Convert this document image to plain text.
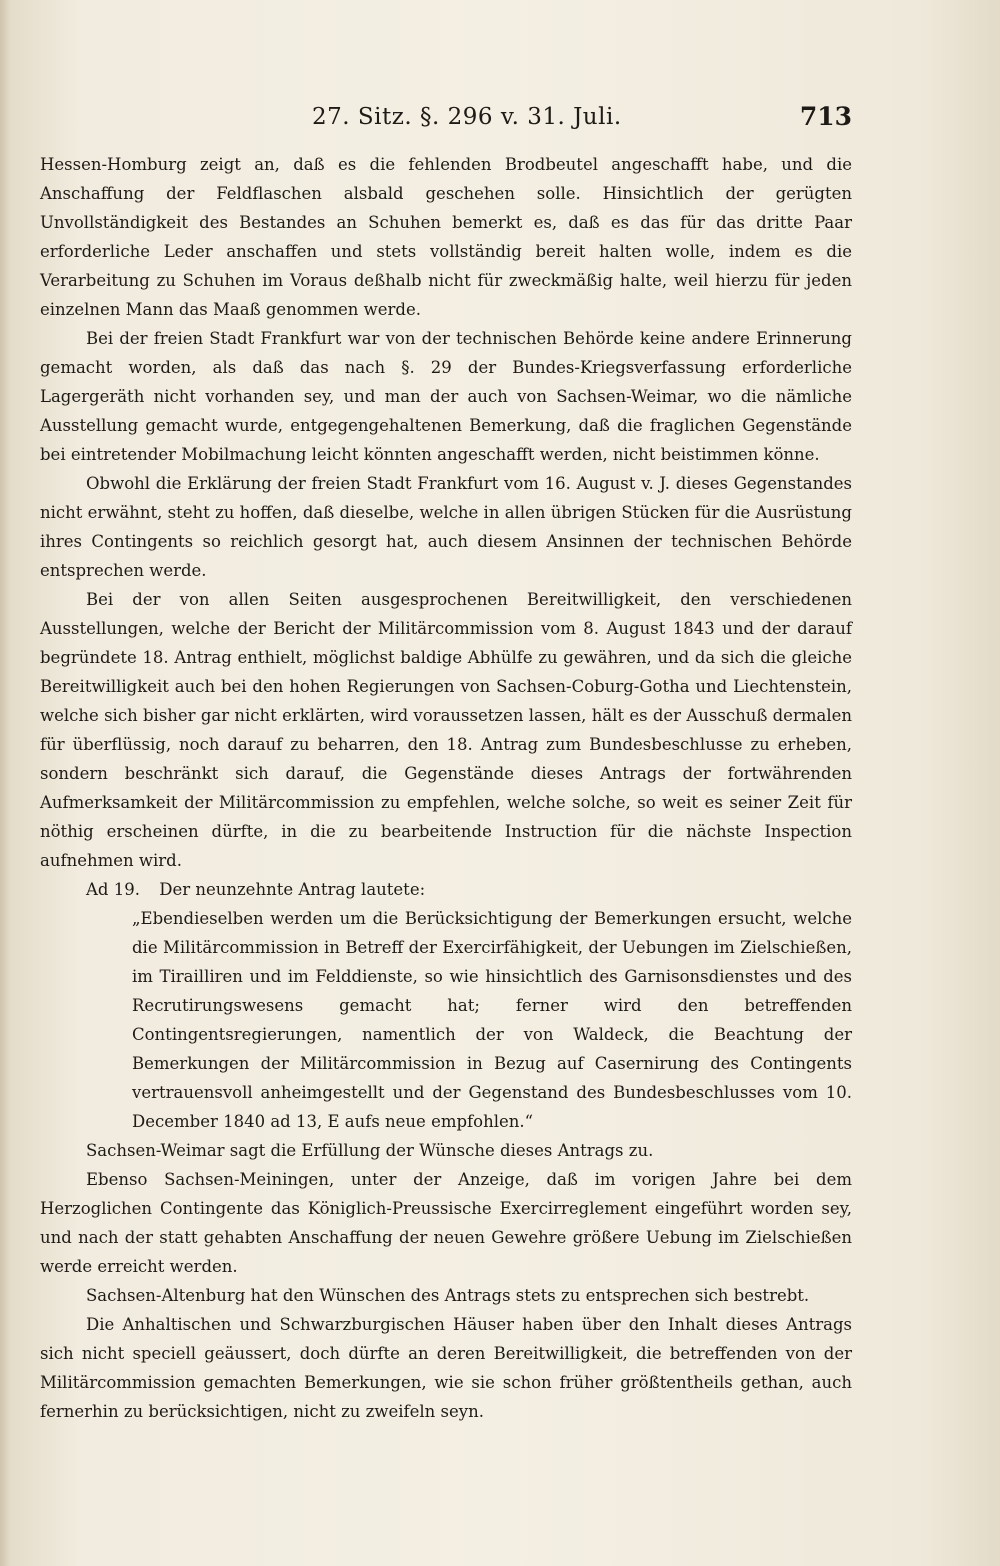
27. Sitz. §. 296 v. 31. Juli.	713

Hessen-Homburg zeigt an, daß es die fehlenden Brodbeutel angeschafft habe, und die Anschaffung der Feldflaschen alsbald geschehen solle. Hinsichtlich der gerügten Unvollständigkeit des Bestandes an Schuhen bemerkt es, daß es das für das dritte Paar erforderliche Leder anschaffen und stets vollständig bereit halten wolle, indem es die Verarbeitung zu Schuhen im Voraus deßhalb nicht für zweckmäßig halte, weil hierzu für jeden einzelnen Mann das Maaß genommen werde.

Bei der freien Stadt Frankfurt war von der technischen Behörde keine andere Erinnerung gemacht worden, als daß das nach §. 29 der Bundes-Kriegsverfassung erforderliche Lagergeräth nicht vorhanden sey, und man der auch von Sachsen-Weimar, wo die nämliche Ausstellung gemacht wurde, entgegengehaltenen Bemerkung, daß die fraglichen Gegenstände bei eintretender Mobilmachung leicht könnten angeschafft werden, nicht beistimmen könne.

Obwohl die Erklärung der freien Stadt Frankfurt vom 16. August v. J. dieses Gegenstandes nicht erwähnt, steht zu hoffen, daß dieselbe, welche in allen übrigen Stücken für die Ausrüstung ihres Contingents so reichlich gesorgt hat, auch diesem Ansinnen der technischen Behörde entsprechen werde.

Bei der von allen Seiten ausgesprochenen Bereitwilligkeit, den verschiedenen Ausstellungen, welche der Bericht der Militärcommission vom 8. August 1843 und der darauf begründete 18. Antrag enthielt, möglichst baldige Abhülfe zu gewähren, und da sich die gleiche Bereitwilligkeit auch bei den hohen Regierungen von Sachsen-Coburg-Gotha und Liechtenstein, welche sich bisher gar nicht erklärten, wird voraussetzen lassen, hält es der Ausschuß dermalen für überflüssig, noch darauf zu beharren, den 18. Antrag zum Bundesbeschlusse zu erheben, sondern beschränkt sich darauf, die Gegenstände dieses Antrags der fortwährenden Aufmerksamkeit der Militärcommission zu empfehlen, welche solche, so weit es seiner Zeit für nöthig erscheinen dürfte, in die zu bearbeitende Instruction für die nächste Inspection aufnehmen wird.

Ad 19. Der neunzehnte Antrag lautete:

„Ebendieselben werden um die Berücksichtigung der Bemerkungen ersucht, welche die Militärcommission in Betreff der Exercirfähigkeit, der Uebungen im Zielschießen, im Tirailliren und im Felddienste, so wie hinsichtlich des Garnisonsdienstes und des Recrutirungswesens gemacht hat; ferner wird den betreffenden Contingentsregierungen, namentlich der von Waldeck, die Beachtung der Bemerkungen der Militärcommission in Bezug auf Casernirung des Contingents vertrauensvoll anheimgestellt und der Gegenstand des Bundesbeschlusses vom 10. December 1840 ad 13, E aufs neue empfohlen.“

Sachsen-Weimar sagt die Erfüllung der Wünsche dieses Antrags zu.

Ebenso Sachsen-Meiningen, unter der Anzeige, daß im vorigen Jahre bei dem Herzoglichen Contingente das Königlich-Preussische Exercirreglement eingeführt worden sey, und nach der statt gehabten Anschaffung der neuen Gewehre größere Uebung im Zielschießen werde erreicht werden.

Sachsen-Altenburg hat den Wünschen des Antrags stets zu entsprechen sich bestrebt.

Die Anhaltischen und Schwarzburgischen Häuser haben über den Inhalt dieses Antrags sich nicht speciell geäussert, doch dürfte an deren Bereitwilligkeit, die betreffenden von der Militärcommission gemachten Bemerkungen, wie sie schon früher größtentheils gethan, auch fernerhin zu berücksichtigen, nicht zu zweifeln seyn.
